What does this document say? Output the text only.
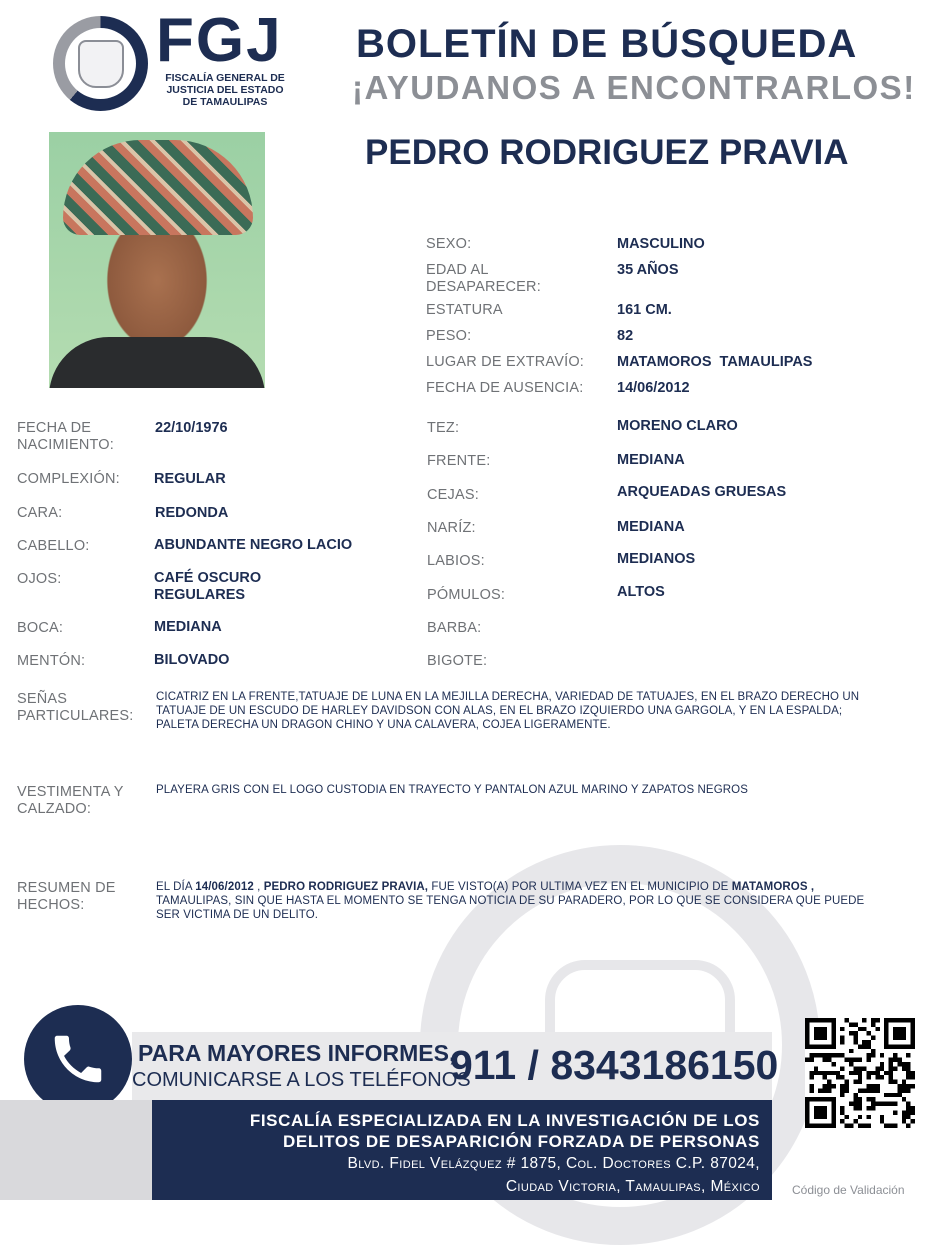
FGJ
FISCALÍA GENERAL DE
JUSTICIA DEL ESTADO
DE TAMAULIPAS
BOLETÍN DE BÚSQUEDA
¡AYUDANOS A ENCONTRARLOS!
PEDRO RODRIGUEZ PRAVIA
SEXO:	MASCULINO
EDAD AL DESAPARECER:
35 AÑOS
ESTATURA	161 CM.
PESO:	82
LUGAR DE EXTRAVÍO: MATAMOROS  TAMAULIPAS
FECHA DE AUSENCIA: 14/06/2012
FECHA DE NACIMIENTO:
22/10/1976
COMPLEXIÓN: REGULAR
CARA:	REDONDA
CABELLO:	ABUNDANTE NEGRO LACIO
OJOS:	CAFÉ OSCURO REGULARES
BOCA:	MEDIANA
MENTÓN:	BILOVADO
TEZ:	MORENO CLARO
FRENTE:	MEDIANA
CEJAS:	ARQUEADAS GRUESAS
NARÍZ:	MEDIANA
LABIOS:	MEDIANOS
PÓMULOS:	ALTOS
BARBA:
BIGOTE:
SEÑAS PARTICULARES:
CICATRIZ EN LA FRENTE,TATUAJE DE LUNA EN LA MEJILLA DERECHA, VARIEDAD DE TATUAJES, EN EL BRAZO DERECHO UN TATUAJE DE UN ESCUDO DE HARLEY DAVIDSON CON ALAS, EN EL BRAZO IZQUIERDO UNA GARGOLA, Y EN LA ESPALDA; PALETA DERECHA UN DRAGON CHINO Y UNA CALAVERA, COJEA LIGERAMENTE.
VESTIMENTA Y CALZADO:
PLAYERA GRIS CON EL LOGO CUSTODIA EN TRAYECTO Y PANTALON AZUL MARINO Y ZAPATOS NEGROS
RESUMEN DE HECHOS:
EL DÍA 14/06/2012 , PEDRO RODRIGUEZ PRAVIA, FUE VISTO(A) POR ULTIMA VEZ EN EL MUNICIPIO DE MATAMOROS , TAMAULIPAS, SIN QUE HASTA EL MOMENTO SE TENGA NOTICIA DE SU PARADERO, POR LO QUE SE CONSIDERA QUE PUEDE SER VICTIMA DE UN DELITO.
PARA MAYORES INFORMES,
COMUNICARSE A LOS TELÉFONOS
911 / 8343186150
FISCALÍA ESPECIALIZADA EN LA INVESTIGACIÓN DE LOS
DELITOS DE DESAPARICIÓN FORZADA DE PERSONAS
Blvd. Fidel Velázquez # 1875, Col. Doctores C.P. 87024,
Ciudad Victoria, Tamaulipas, México	Código de Validación
